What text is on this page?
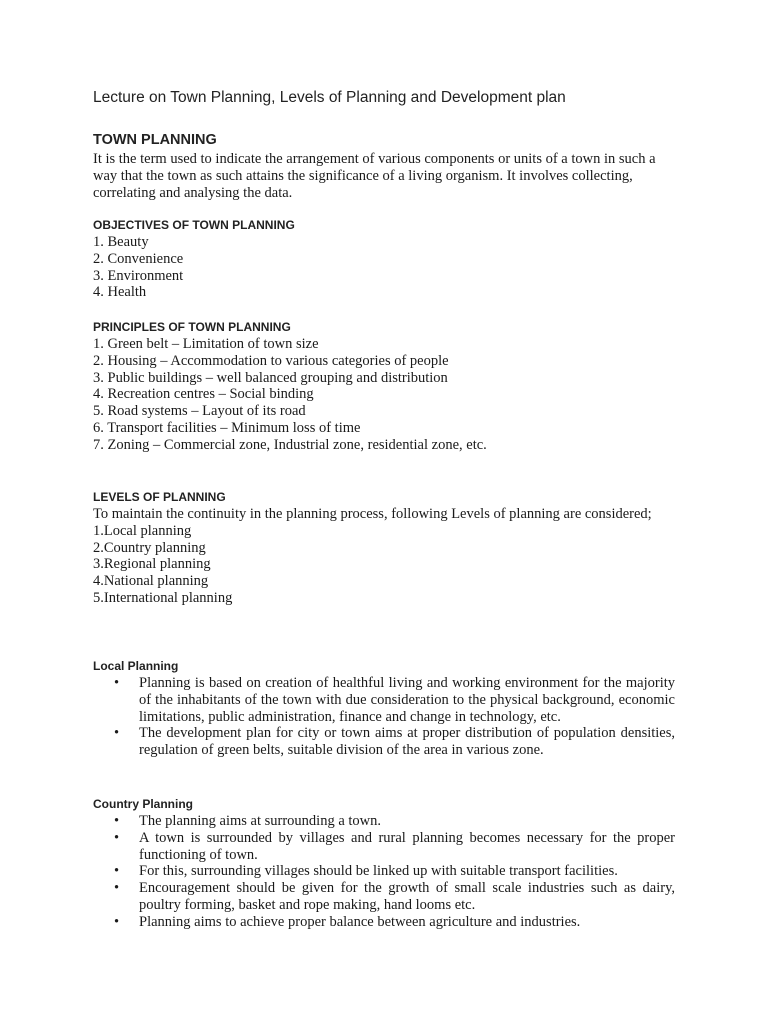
Lecture on Town Planning, Levels of Planning and Development plan
TOWN PLANNING

It is the term used to indicate the arrangement of various components or units of a town in such a way that the town as such attains the significance of a living organism. It involves collecting, correlating and analysing the data.

OBJECTIVES OF TOWN PLANNING
1. Beauty
2. Convenience
3. Environment
4. Health
PRINCIPLES OF TOWN PLANNING
1. Green belt – Limitation of town size
2. Housing – Accommodation to various categories of people
3. Public buildings – well balanced grouping and distribution
4. Recreation centres – Social binding
5. Road systems – Layout of its road
6. Transport facilities – Minimum loss of time
7. Zoning – Commercial zone, Industrial zone, residential zone, etc.
LEVELS OF PLANNING

To maintain the continuity in the planning process, following Levels of planning are considered;

1.Local planning
2.Country planning
3.Regional planning
4.National planning
5.International planning
Local Planning
• Planning is based on creation of healthful living and working environment for the majority of the inhabitants of the town with due consideration to the physical background, economic limitations, public administration, finance and change in technology, etc.
• The development plan for city or town aims at proper distribution of population densities, regulation of green belts, suitable division of the area in various zone.
Country Planning
• The planning aims at surrounding a town.
• A town is surrounded by villages and rural planning becomes necessary for the proper functioning of town.
• For this, surrounding villages should be linked up with suitable transport facilities.
• Encouragement should be given for the growth of small scale industries such as dairy, poultry forming, basket and rope making, hand looms etc.
• Planning aims to achieve proper balance between agriculture and industries.
